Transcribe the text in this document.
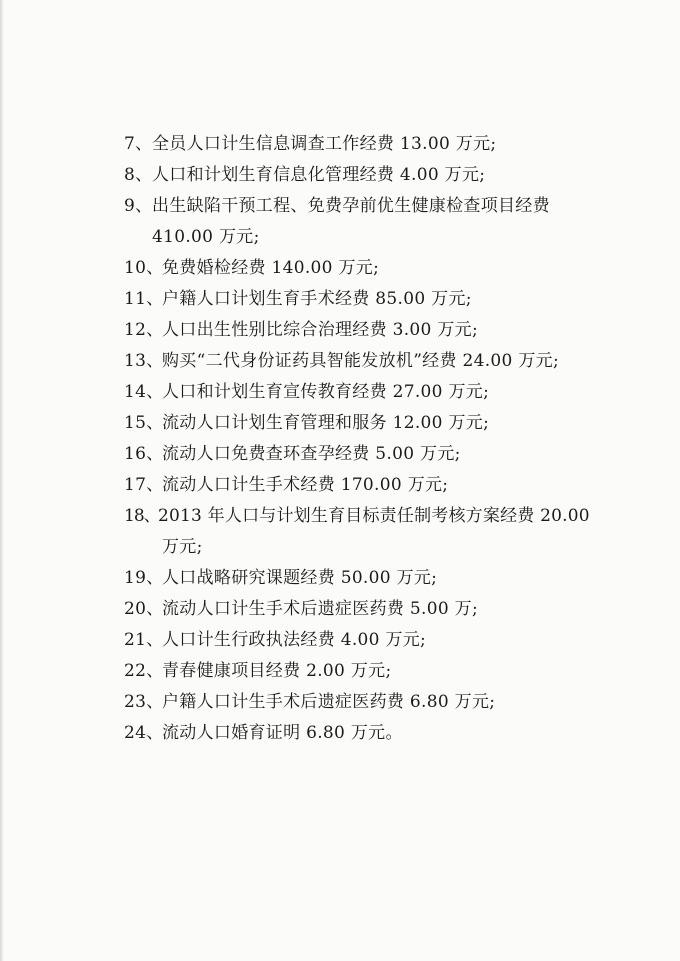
7、 全员人口计生信息调查工作经费 13.00 万元;
8、 人口和计划生育信息化管理经费 4.00 万元;
9、 出生缺陷干预工程、免费孕前优生健康检查项目经费
410.00 万元;
10、
免费婚检经费 140.00 万元;
11、
户籍人口计划生育手术经费 85.00 万元;
12、
人口出生性别比综合治理经费 3.00 万元;
13、
购买“二代身份证药具智能发放机”经费 24.00 万元;
14、
人口和计划生育宣传教育经费 27.00 万元;
15、
流动人口计划生育管理和服务 12.00 万元;
16、
流动人口免费查环查孕经费 5.00 万元;
17、
流动人口计生手术经费 170.00 万元;
18、
2013 年人口与计划生育目标责任制考核方案经费 20.00
万元;
19、
人口战略研究课题经费 50.00 万元;
20、
流动人口计生手术后遗症医药费 5.00 万;
21、
人口计生行政执法经费 4.00 万元;
22、
青春健康项目经费 2.00 万元;
23、
户籍人口计生手术后遗症医药费 6.80 万元;
24、
流动人口婚育证明 6.80 万元。
